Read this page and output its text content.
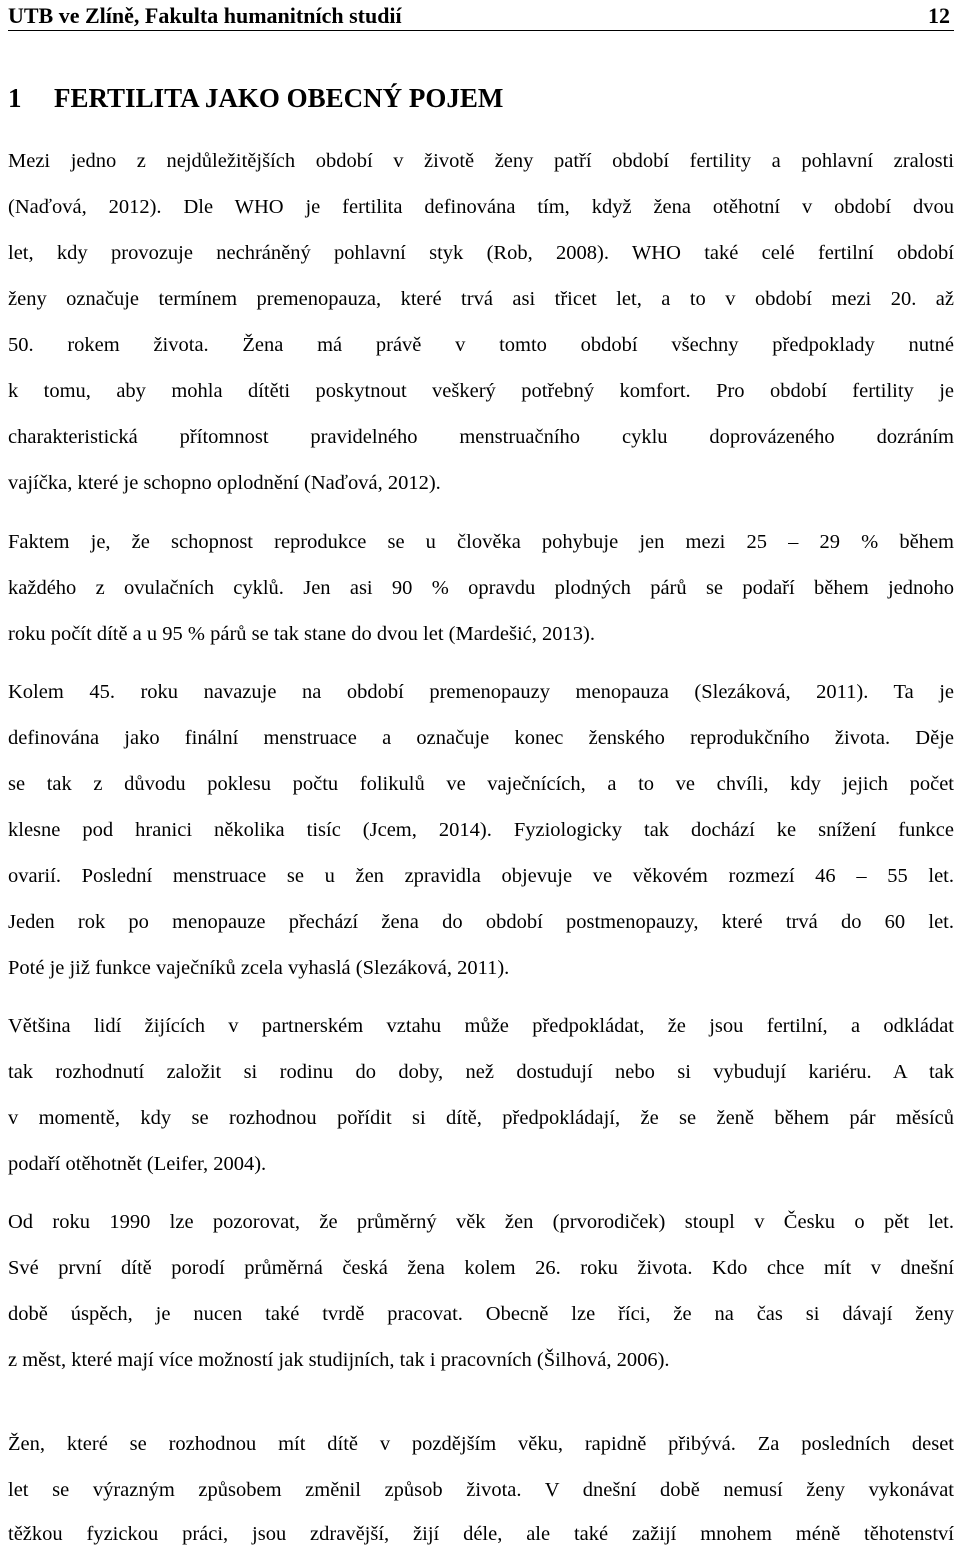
UTB ve Zlíně, Fakulta humanitních studií	12
1 FERTILITA JAKO OBECNÝ POJEM
Mezi jedno z nejdůležitějších období v životě ženy patří období fertility a pohlavní zralosti
(Naďová, 2012). Dle WHO je fertilita definována tím, když žena otěhotní v období dvou
let, kdy provozuje nechráněný pohlavní styk (Rob, 2008). WHO také celé fertilní období
ženy označuje termínem premenopauza, které trvá asi třicet let, a to v období mezi 20. až
50. rokem života. Žena má právě v tomto období všechny předpoklady nutné
k tomu, aby mohla dítěti poskytnout veškerý potřebný komfort. Pro období fertility je
charakteristická přítomnost pravidelného menstruačního cyklu doprovázeného dozráním
vajíčka, které je schopno oplodnění (Naďová, 2012).
Faktem je, že schopnost reprodukce se u člověka pohybuje jen mezi 25 – 29 % během
každého z ovulačních cyklů. Jen asi 90 % opravdu plodných párů se podaří během jednoho
roku počít dítě a u 95 % párů se tak stane do dvou let (Mardešić, 2013).
Kolem 45. roku navazuje na období premenopauzy menopauza (Slezáková, 2011). Ta je
definována jako finální menstruace a označuje konec ženského reprodukčního života. Děje
se tak z důvodu poklesu počtu folikulů ve vaječnících, a to ve chvíli, kdy jejich počet
klesne pod hranici několika tisíc (Jcem, 2014). Fyziologicky tak dochází ke snížení funkce
ovarií. Poslední menstruace se u žen zpravidla objevuje ve věkovém rozmezí 46 – 55 let.
Jeden rok po menopauze přechází žena do období postmenopauzy, které trvá do 60 let.
Poté je již funkce vaječníků zcela vyhaslá (Slezáková, 2011).
Většina lidí žijících v partnerském vztahu může předpokládat, že jsou fertilní, a odkládat
tak rozhodnutí založit si rodinu do doby, než dostudují nebo si vybudují kariéru. A tak
v momentě, kdy se rozhodnou pořídit si dítě, předpokládají, že se ženě během pár měsíců
podaří otěhotnět (Leifer, 2004).
Od roku 1990 lze pozorovat, že průměrný věk žen (prvorodiček) stoupl v Česku o pět let.
Své první dítě porodí průměrná česká žena kolem 26. roku života. Kdo chce mít v dnešní
době úspěch, je nucen také tvrdě pracovat. Obecně lze říci, že na čas si dávají ženy
z měst, které mají více možností jak studijních, tak i pracovních (Šilhová, 2006).
Žen, které se rozhodnou mít dítě v pozdějším věku, rapidně přibývá. Za posledních deset
let se výrazným způsobem změnil způsob života. V dnešní době nemusí ženy vykonávat
těžkou fyzickou práci, jsou zdravější, žijí déle, ale také zažijí mnohem méně těhotenství
